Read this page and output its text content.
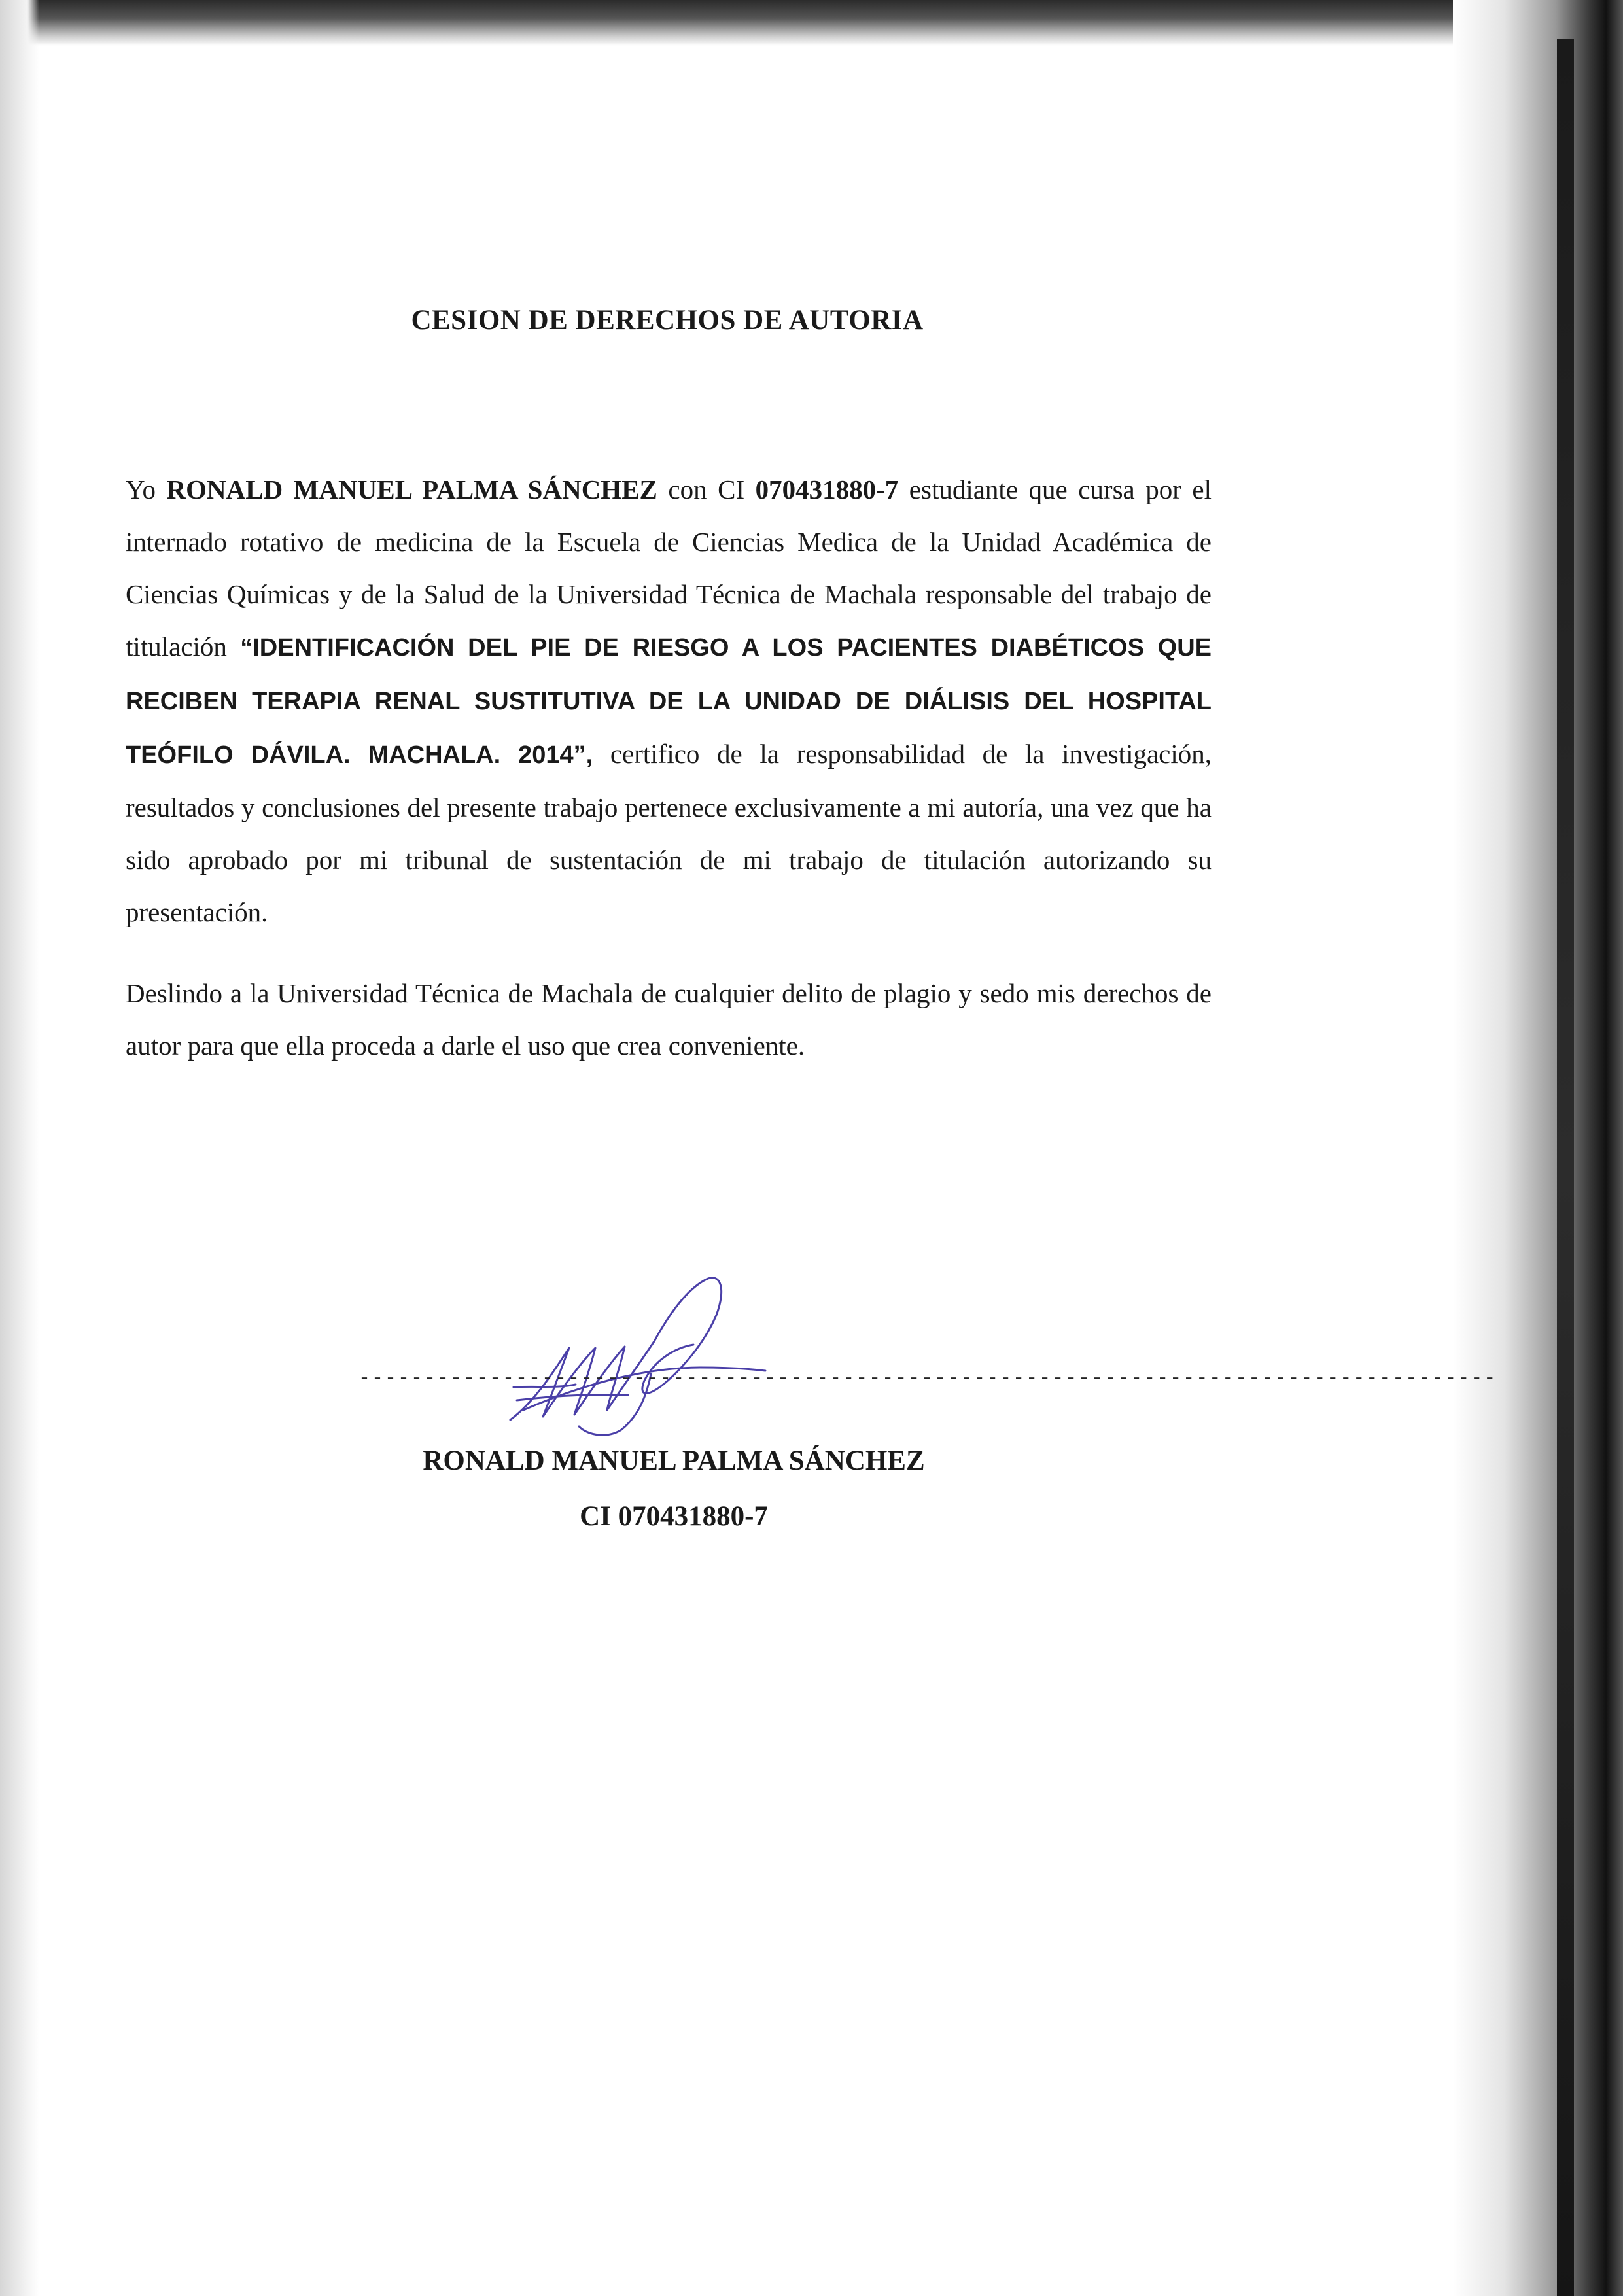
CESION DE DERECHOS DE AUTORIA

Yo RONALD MANUEL PALMA SÁNCHEZ con CI 070431880-7 estudiante que cursa por el internado rotativo de medicina de la Escuela de Ciencias Medica de la Unidad Académica de Ciencias Químicas y de la Salud de la Universidad Técnica de Machala responsable del trabajo de titulación “IDENTIFICACIÓN DEL PIE DE RIESGO A LOS PACIENTES DIABÉTICOS QUE RECIBEN TERAPIA RENAL SUSTITUTIVA DE LA UNIDAD DE DIÁLISIS DEL HOSPITAL TEÓFILO DÁVILA. MACHALA. 2014”, certifico de la responsabilidad de la investigación, resultados y conclusiones del presente trabajo pertenece exclusivamente a mi autoría, una vez que ha sido aprobado por mi tribunal de sustentación de mi trabajo de titulación autorizando su presentación.

Deslindo a la Universidad Técnica de Machala de cualquier delito de plagio y sedo mis derechos de autor para que ella proceda a darle el uso que crea conveniente.

---------------------------------------------------------------------------------------
RONALD MANUEL PALMA SÁNCHEZ
CI 070431880-7
